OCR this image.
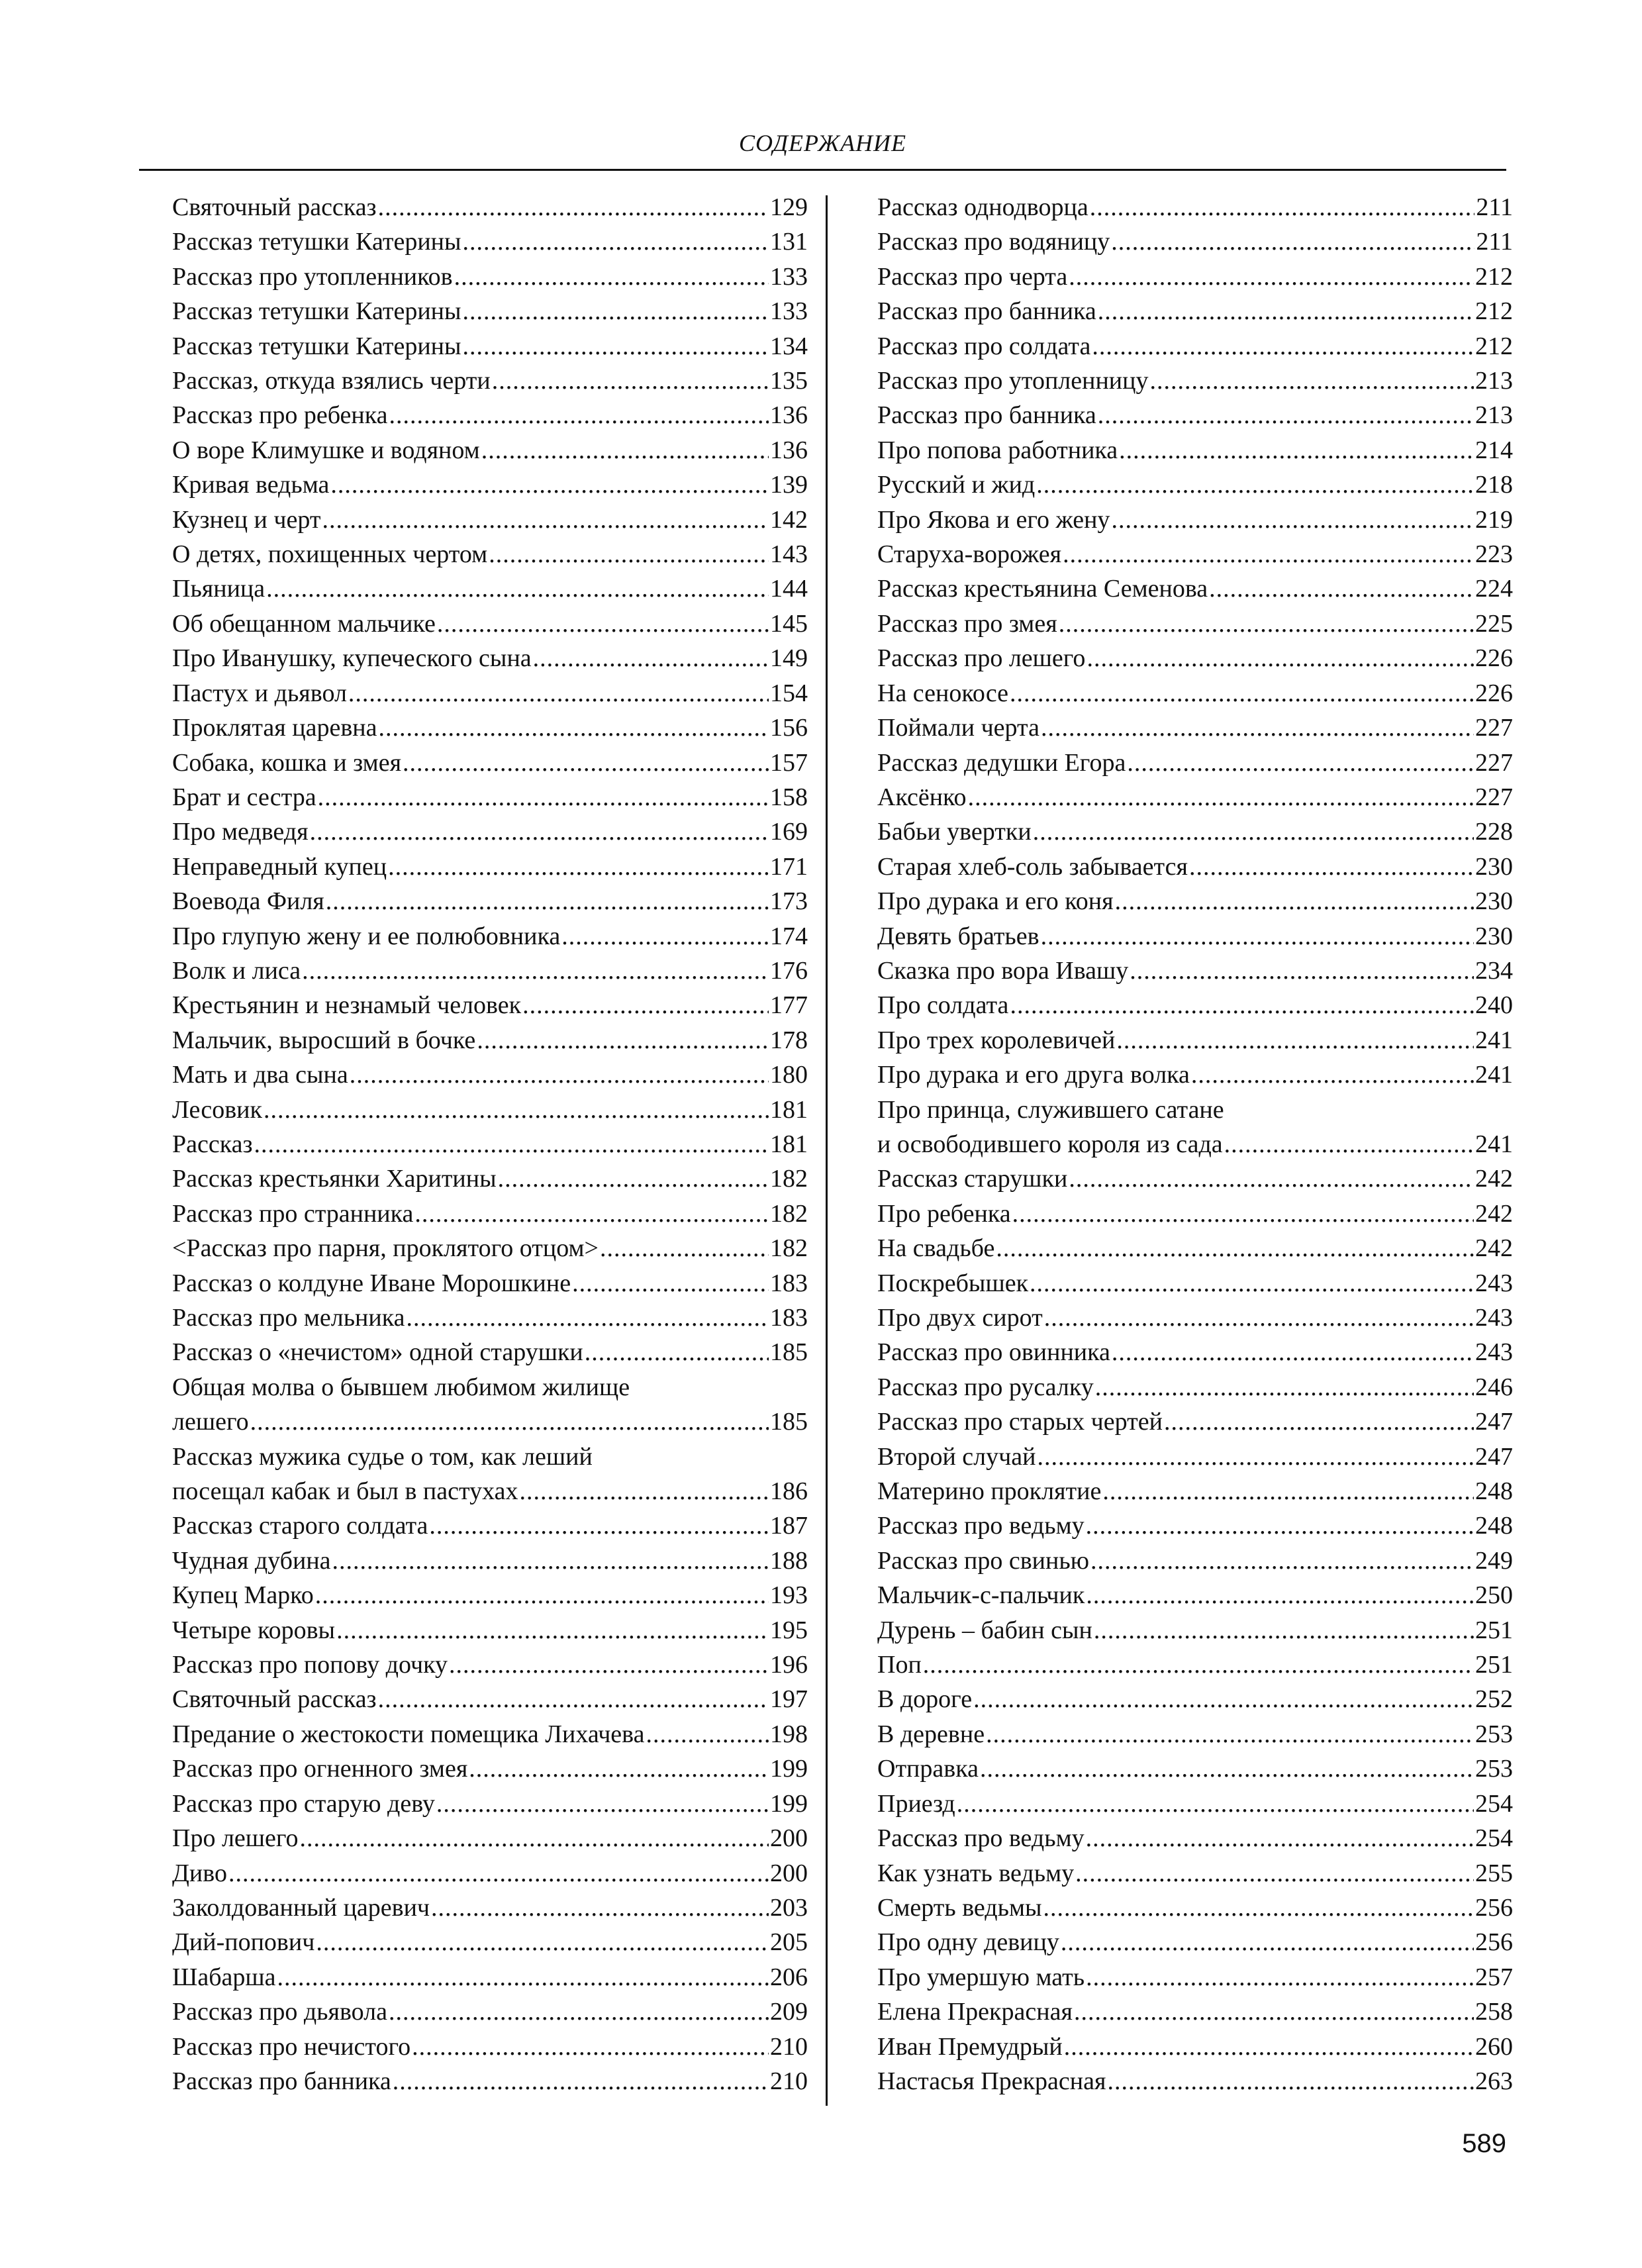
СОДЕРЖАНИЕ
Святочный рассказ .....	129
Рассказ тетушки Катерины .....	131
Рассказ про утопленников .....	133
Рассказ тетушки Катерины .....	133
Рассказ тетушки Катерины .....	134
Рассказ, откуда взялись черти .....	135
Рассказ про ребенка .....	136
О воре Климушке и водяном .....	136
Кривая ведьма .....	139
Кузнец и черт .....	142
О детях, похищенных чертом .....	143
Пьяница .....	144
Об обещанном мальчике .....	145
Про Иванушку, купеческого сына .....	149
Пастух и дьявол .....	154
Проклятая царевна .....	156
Собака, кошка и змея .....	157
Брат и сестра .....	158
Про медведя .....	169
Неправедный купец .....	171
Воевода Филя .....	173
Про глупую жену и ее полюбовника .....	174
Волк и лиса .....	176
Крестьянин и незнамый человек .....	177
Мальчик, выросший в бочке .....	178
Мать и два сына .....	180
Лесовик .....	181
Рассказ .....	181
Рассказ крестьянки Харитины .....	182
Рассказ про странника .....	182
<Рассказ про парня, проклятого отцом> .....	182
Рассказ о колдуне Иване Морошкине .....	183
Рассказ про мельника .....	183
Рассказ о «нечистом» одной старушки .....	185
Общая молва о бывшем любимом жилище
лешего .....	185
Рассказ мужика судье о том, как леший
посещал кабак и был в пастухах .....	186
Рассказ старого солдата .....	187
Чудная дубина .....	188
Купец Марко .....	193
Четыре коровы .....	195
Рассказ про попову дочку .....	196
Святочный рассказ .....	197
Предание о жестокости помещика Лихачева .....	198
Рассказ про огненного змея .....	199
Рассказ про старую деву .....	199
Про лешего .....	200
Диво .....	200
Заколдованный царевич .....	203
Дий-попович .....	205
Шабарша .....	206
Рассказ про дьявола .....	209
Рассказ про нечистого .....	210
Рассказ про банника .....	210
Рассказ однодворца .....	211
Рассказ про водяницу .....	211
Рассказ про черта .....	212
Рассказ про банника .....	212
Рассказ про солдата .....	212
Рассказ про утопленницу .....	213
Рассказ про банника .....	213
Про попова работника .....	214
Русский и жид .....	218
Про Якова и его жену .....	219
Старуха-ворожея .....	223
Рассказ крестьянина Семенова .....	224
Рассказ про змея .....	225
Рассказ про лешего .....	226
На сенокосе .....	226
Поймали черта .....	227
Рассказ дедушки Егора .....	227
Аксёнко .....	227
Бабьи увертки .....	228
Старая хлеб-соль забывается .....	230
Про дурака и его коня .....	230
Девять братьев .....	230
Сказка про вора Ивашу .....	234
Про солдата .....	240
Про трех королевичей .....	241
Про дурака и его друга волка .....	241
Про принца, служившего сатане
и освободившего короля из сада .....	241
Рассказ старушки .....	242
Про ребенка .....	242
На свадьбе .....	242
Поскребышек .....	243
Про двух сирот .....	243
Рассказ про овинника .....	243
Рассказ про русалку .....	246
Рассказ про старых чертей .....	247
Второй случай .....	247
Материно проклятие .....	248
Рассказ про ведьму .....	248
Рассказ про свинью .....	249
Мальчик-с-пальчик .....	250
Дурень – бабин сын .....	251
Поп .....	251
В дороге .....	252
В деревне .....	253
Отправка .....	253
Приезд .....	254
Рассказ про ведьму .....	254
Как узнать ведьму .....	255
Смерть ведьмы .....	256
Про одну девицу .....	256
Про умершую мать .....	257
Елена Прекрасная .....	258
Иван Премудрый .....	260
Настасья Прекрасная .....	263
589
